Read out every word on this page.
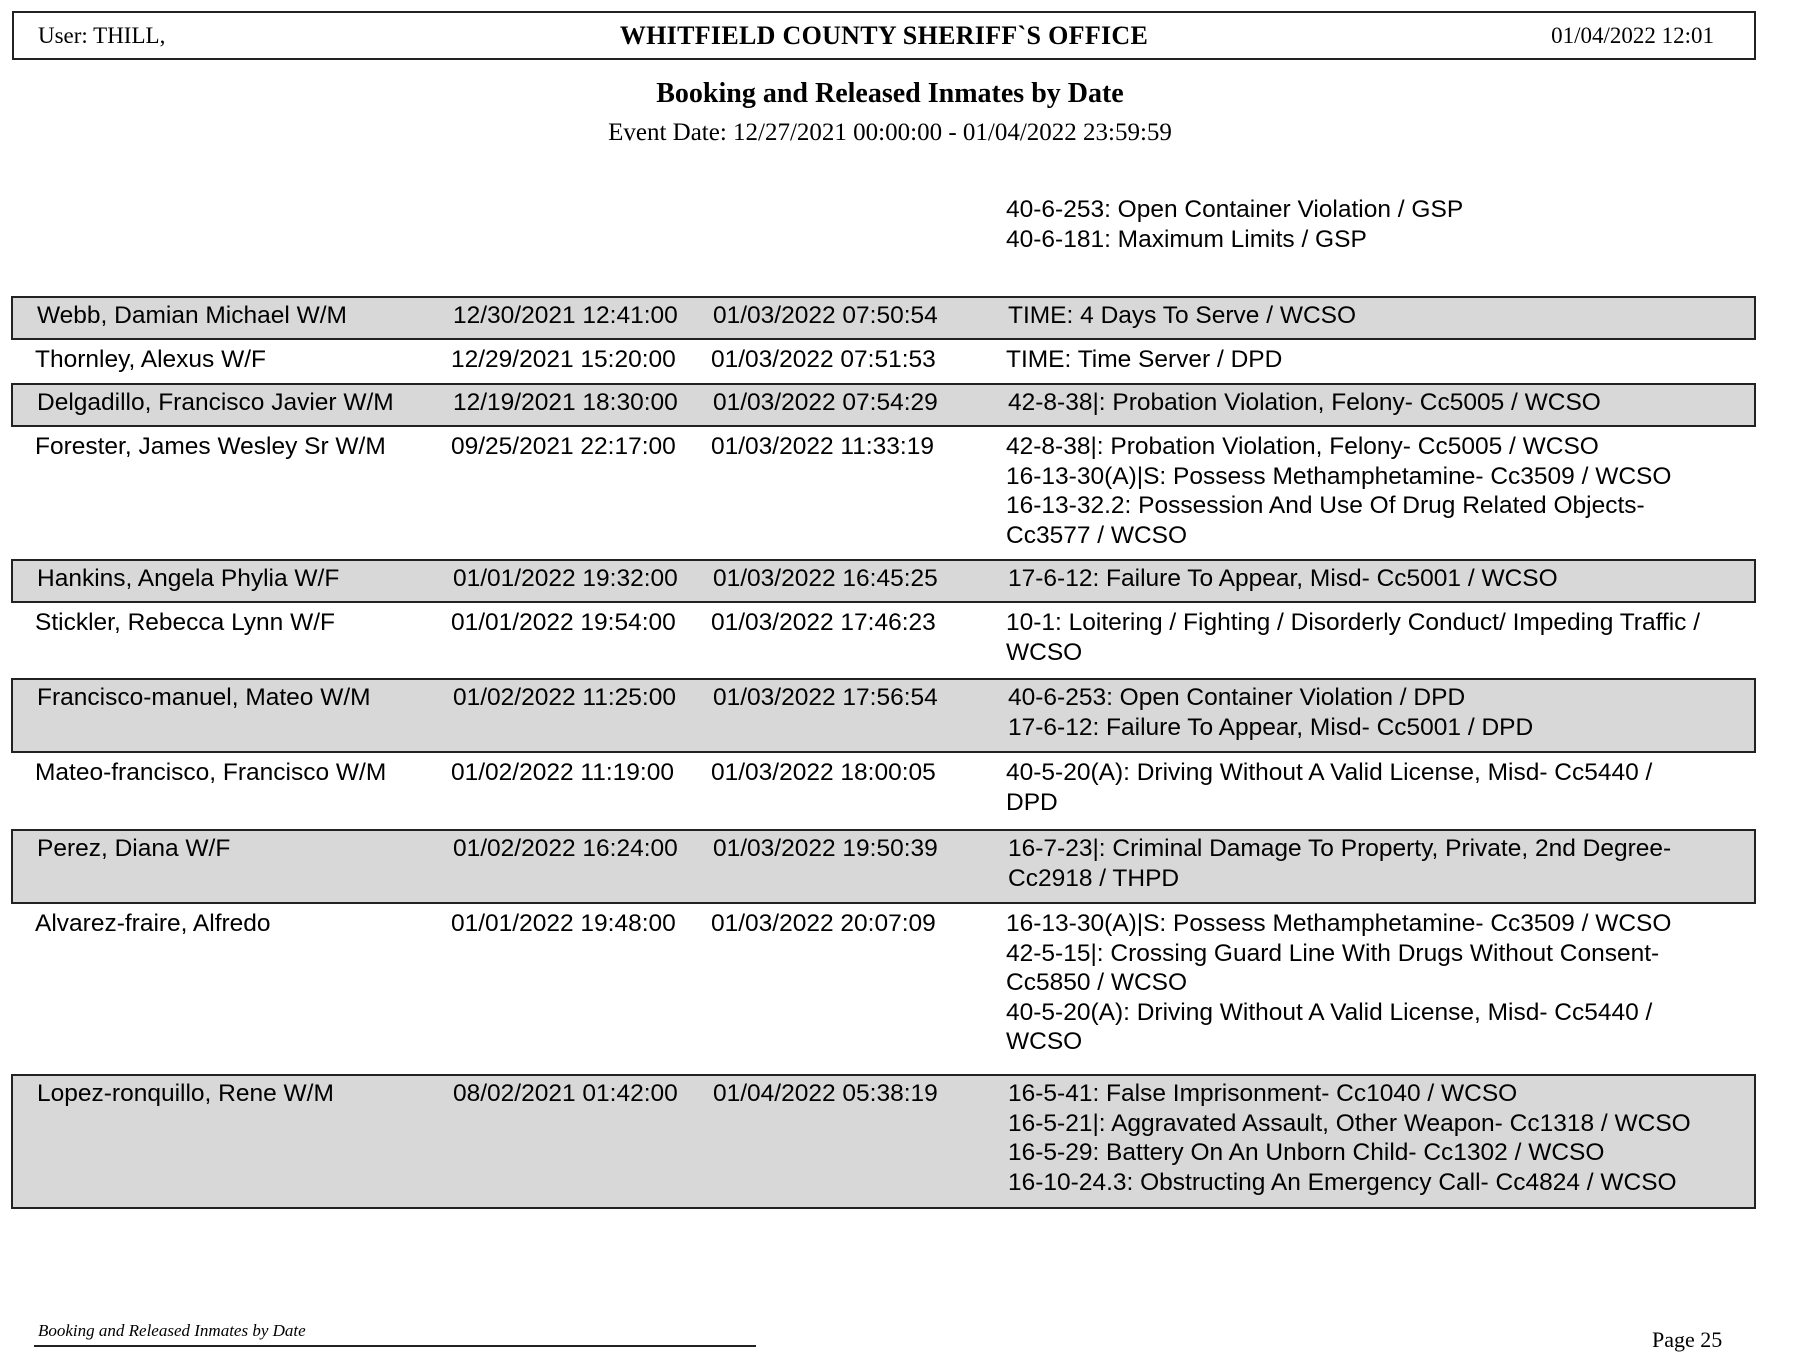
User: THILL,	WHITFIELD COUNTY SHERIFF`S OFFICE	01/04/2022 12:01
Booking and Released Inmates by Date
Event Date: 12/27/2021 00:00:00 - 01/04/2022 23:59:59
40-6-253: Open Container Violation / GSP
40-6-181: Maximum Limits / GSP
Webb, Damian Michael W/M	12/30/2021 12:41:00 01/03/2022 07:50:54	TIME: 4 Days To Serve / WCSO
Thornley, Alexus W/F	12/29/2021 15:20:00 01/03/2022 07:51:53	TIME: Time Server / DPD
Delgadillo, Francisco Javier W/M 12/19/2021 18:30:00 01/03/2022 07:54:29	42-8-38|: Probation Violation, Felony- Cc5005 / WCSO
Forester, James Wesley Sr W/M	09/25/2021 22:17:00 01/03/2022 11:33:19	42-8-38|: Probation Violation, Felony- Cc5005 / WCSO
16-13-30(A)|S: Possess Methamphetamine- Cc3509 / WCSO
16-13-32.2: Possession And Use Of Drug Related Objects-
Cc3577 / WCSO
Hankins, Angela Phylia W/F	01/01/2022 19:32:00 01/03/2022 16:45:25	17-6-12: Failure To Appear, Misd- Cc5001 / WCSO
Stickler, Rebecca Lynn W/F	01/01/2022 19:54:00 01/03/2022 17:46:23	10-1: Loitering / Fighting / Disorderly Conduct/ Impeding Traffic /
WCSO
Francisco-manuel, Mateo W/M	01/02/2022 11:25:00 01/03/2022 17:56:54	40-6-253: Open Container Violation / DPD
17-6-12: Failure To Appear, Misd- Cc5001 / DPD
Mateo-francisco, Francisco W/M	01/02/2022 11:19:00 01/03/2022 18:00:05	40-5-20(A): Driving Without A Valid License, Misd- Cc5440 /
DPD
Perez, Diana W/F	01/02/2022 16:24:00 01/03/2022 19:50:39	16-7-23|: Criminal Damage To Property, Private, 2nd Degree-
Cc2918 / THPD
Alvarez-fraire, Alfredo	01/01/2022 19:48:00 01/03/2022 20:07:09	16-13-30(A)|S: Possess Methamphetamine- Cc3509 / WCSO
42-5-15|: Crossing Guard Line With Drugs Without Consent-
Cc5850 / WCSO
40-5-20(A): Driving Without A Valid License, Misd- Cc5440 /
WCSO
Lopez-ronquillo, Rene W/M	08/02/2021 01:42:00 01/04/2022 05:38:19	16-5-41: False Imprisonment- Cc1040 / WCSO
16-5-21|: Aggravated Assault, Other Weapon- Cc1318 / WCSO
16-5-29: Battery On An Unborn Child- Cc1302 / WCSO
16-10-24.3: Obstructing An Emergency Call- Cc4824 / WCSO
Booking and Released Inmates by Date	Page 25
